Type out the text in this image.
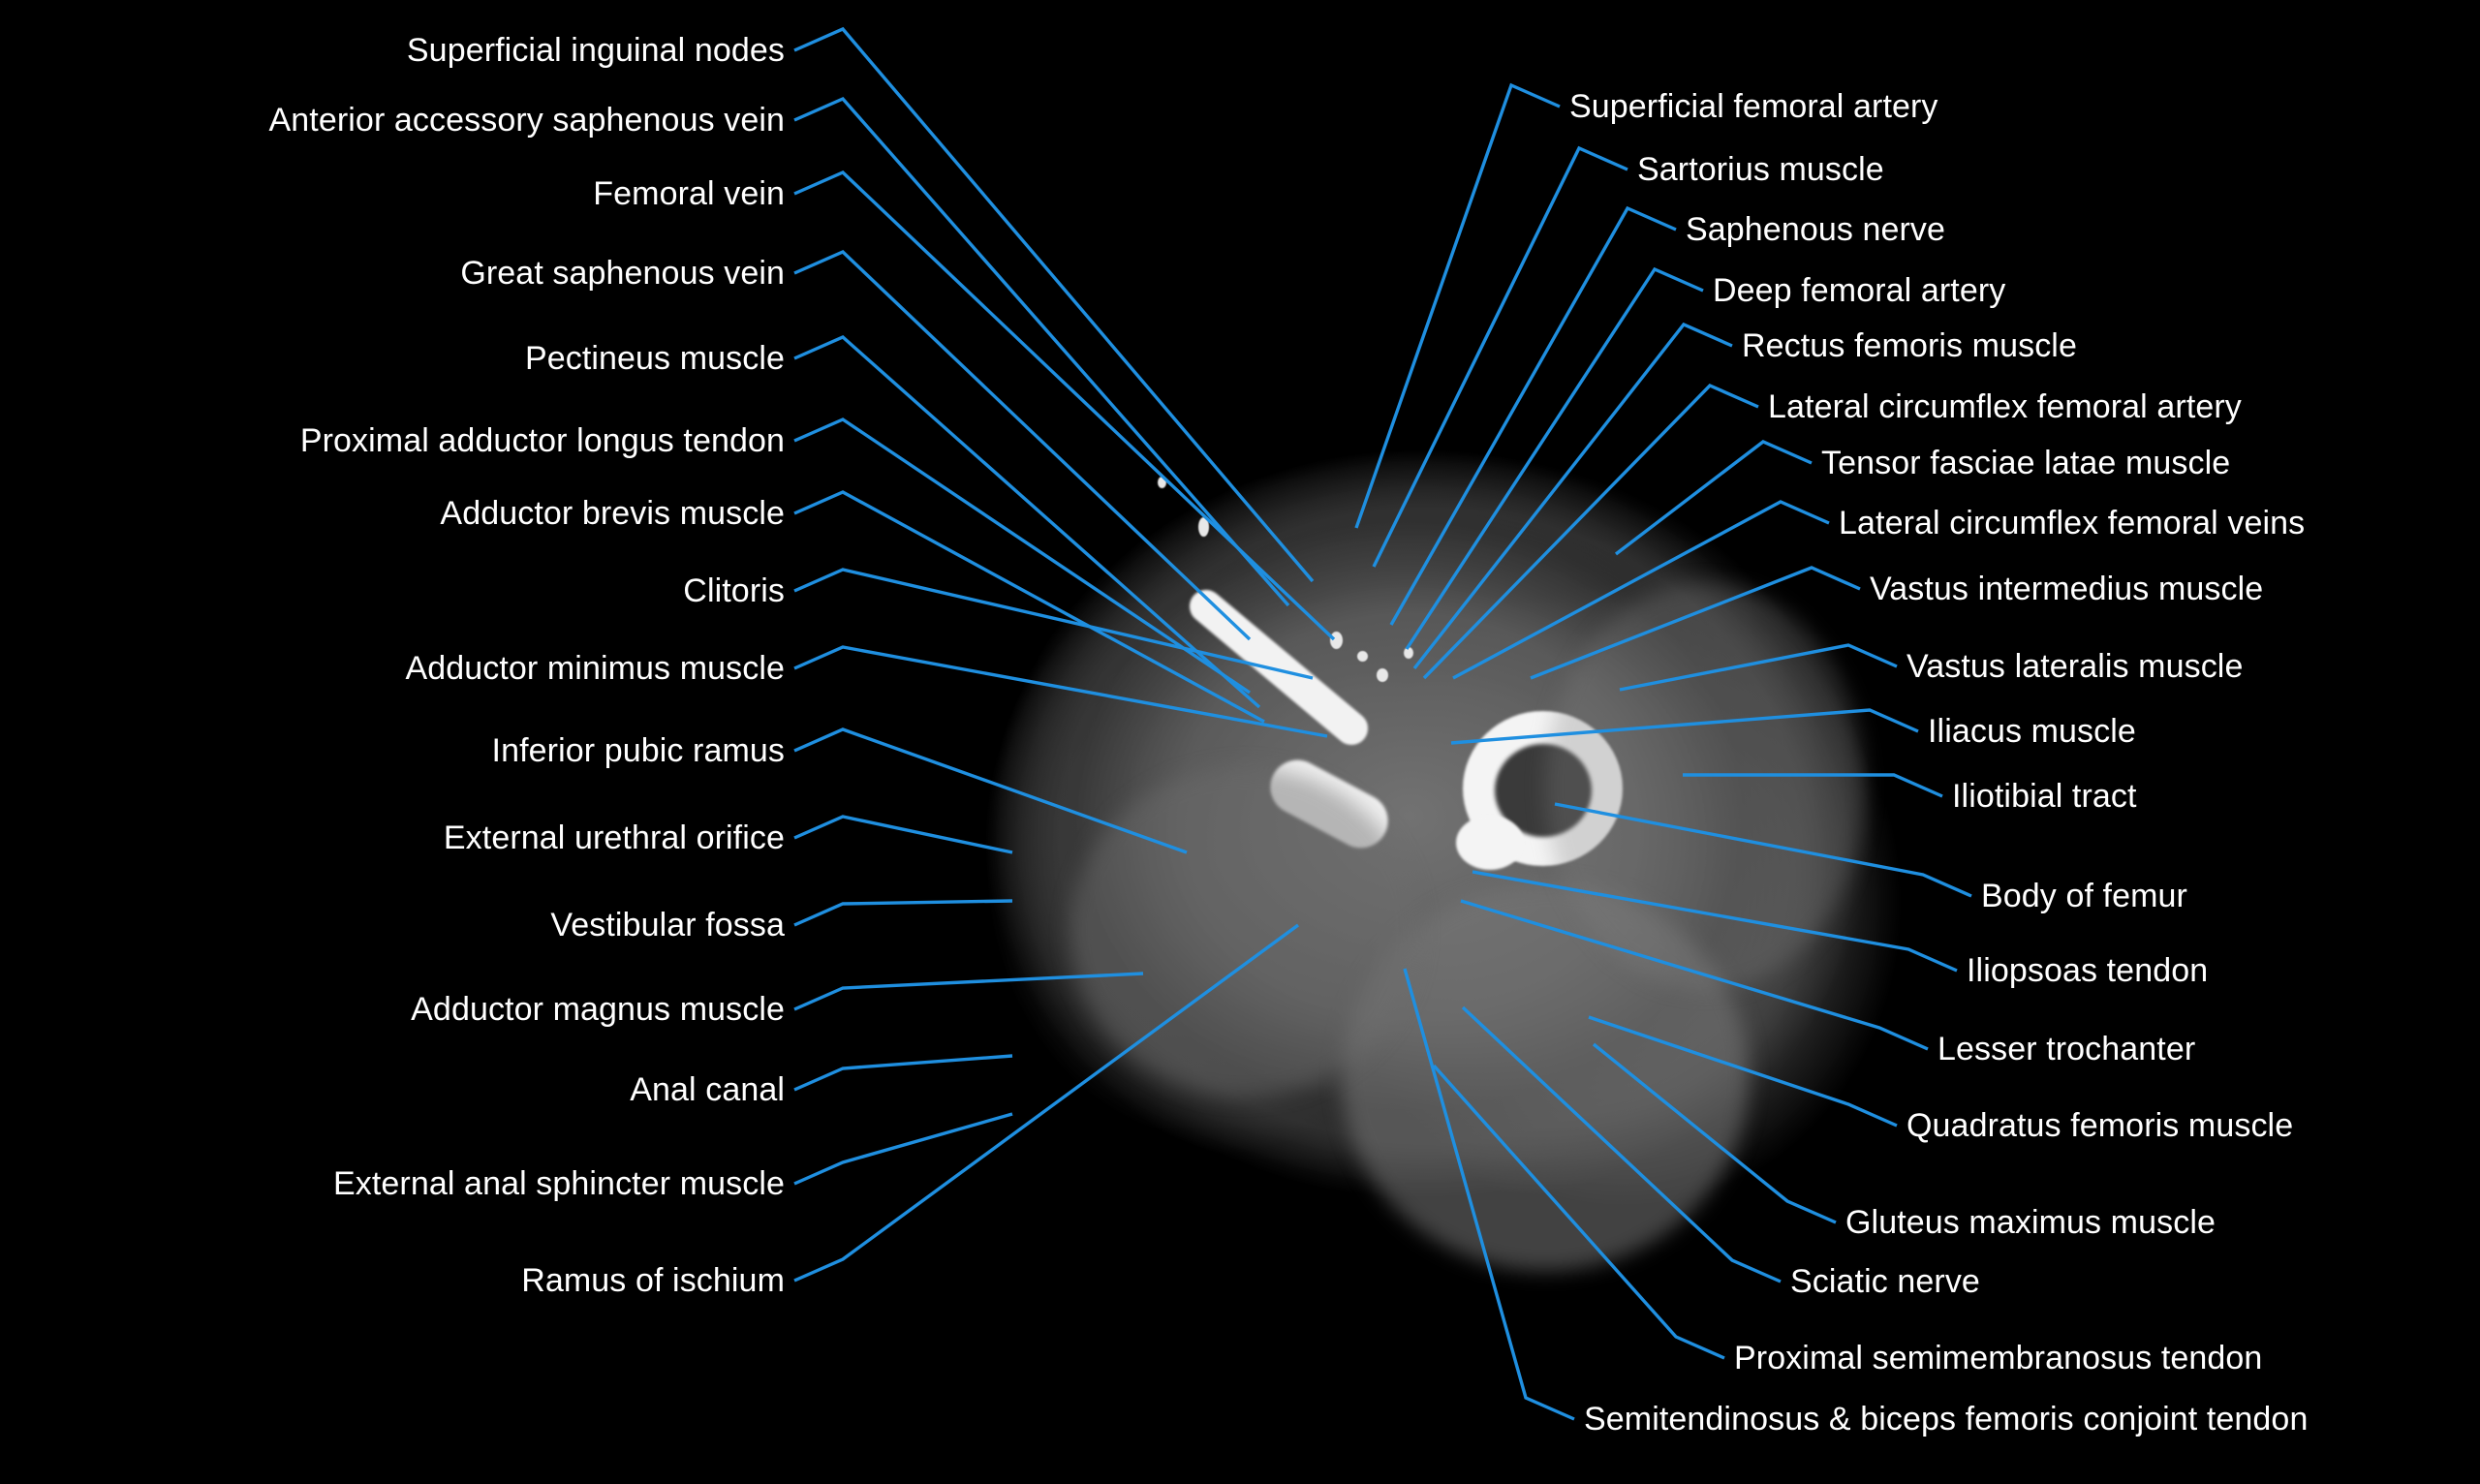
Superficial inguinal nodes
Anterior accessory saphenous vein
Femoral vein
Great saphenous vein
Pectineus muscle
Proximal adductor longus tendon
Adductor brevis muscle
Clitoris
Adductor minimus muscle
Inferior pubic ramus
External urethral orifice
Vestibular fossa
Adductor magnus muscle
Anal canal
External anal sphincter muscle
Ramus of ischium
Superficial femoral artery
Sartorius muscle
Saphenous nerve
Deep femoral artery
Rectus femoris muscle
Lateral circumflex femoral artery
Tensor fasciae latae muscle
Lateral circumflex femoral veins
Vastus intermedius muscle
Vastus lateralis muscle
Iliacus muscle
Iliotibial tract
Body of femur
Iliopsoas tendon
Lesser trochanter
Quadratus femoris muscle
Gluteus maximus muscle
Sciatic nerve
Proximal semimembranosus tendon
Semitendinosus & biceps femoris conjoint tendon
